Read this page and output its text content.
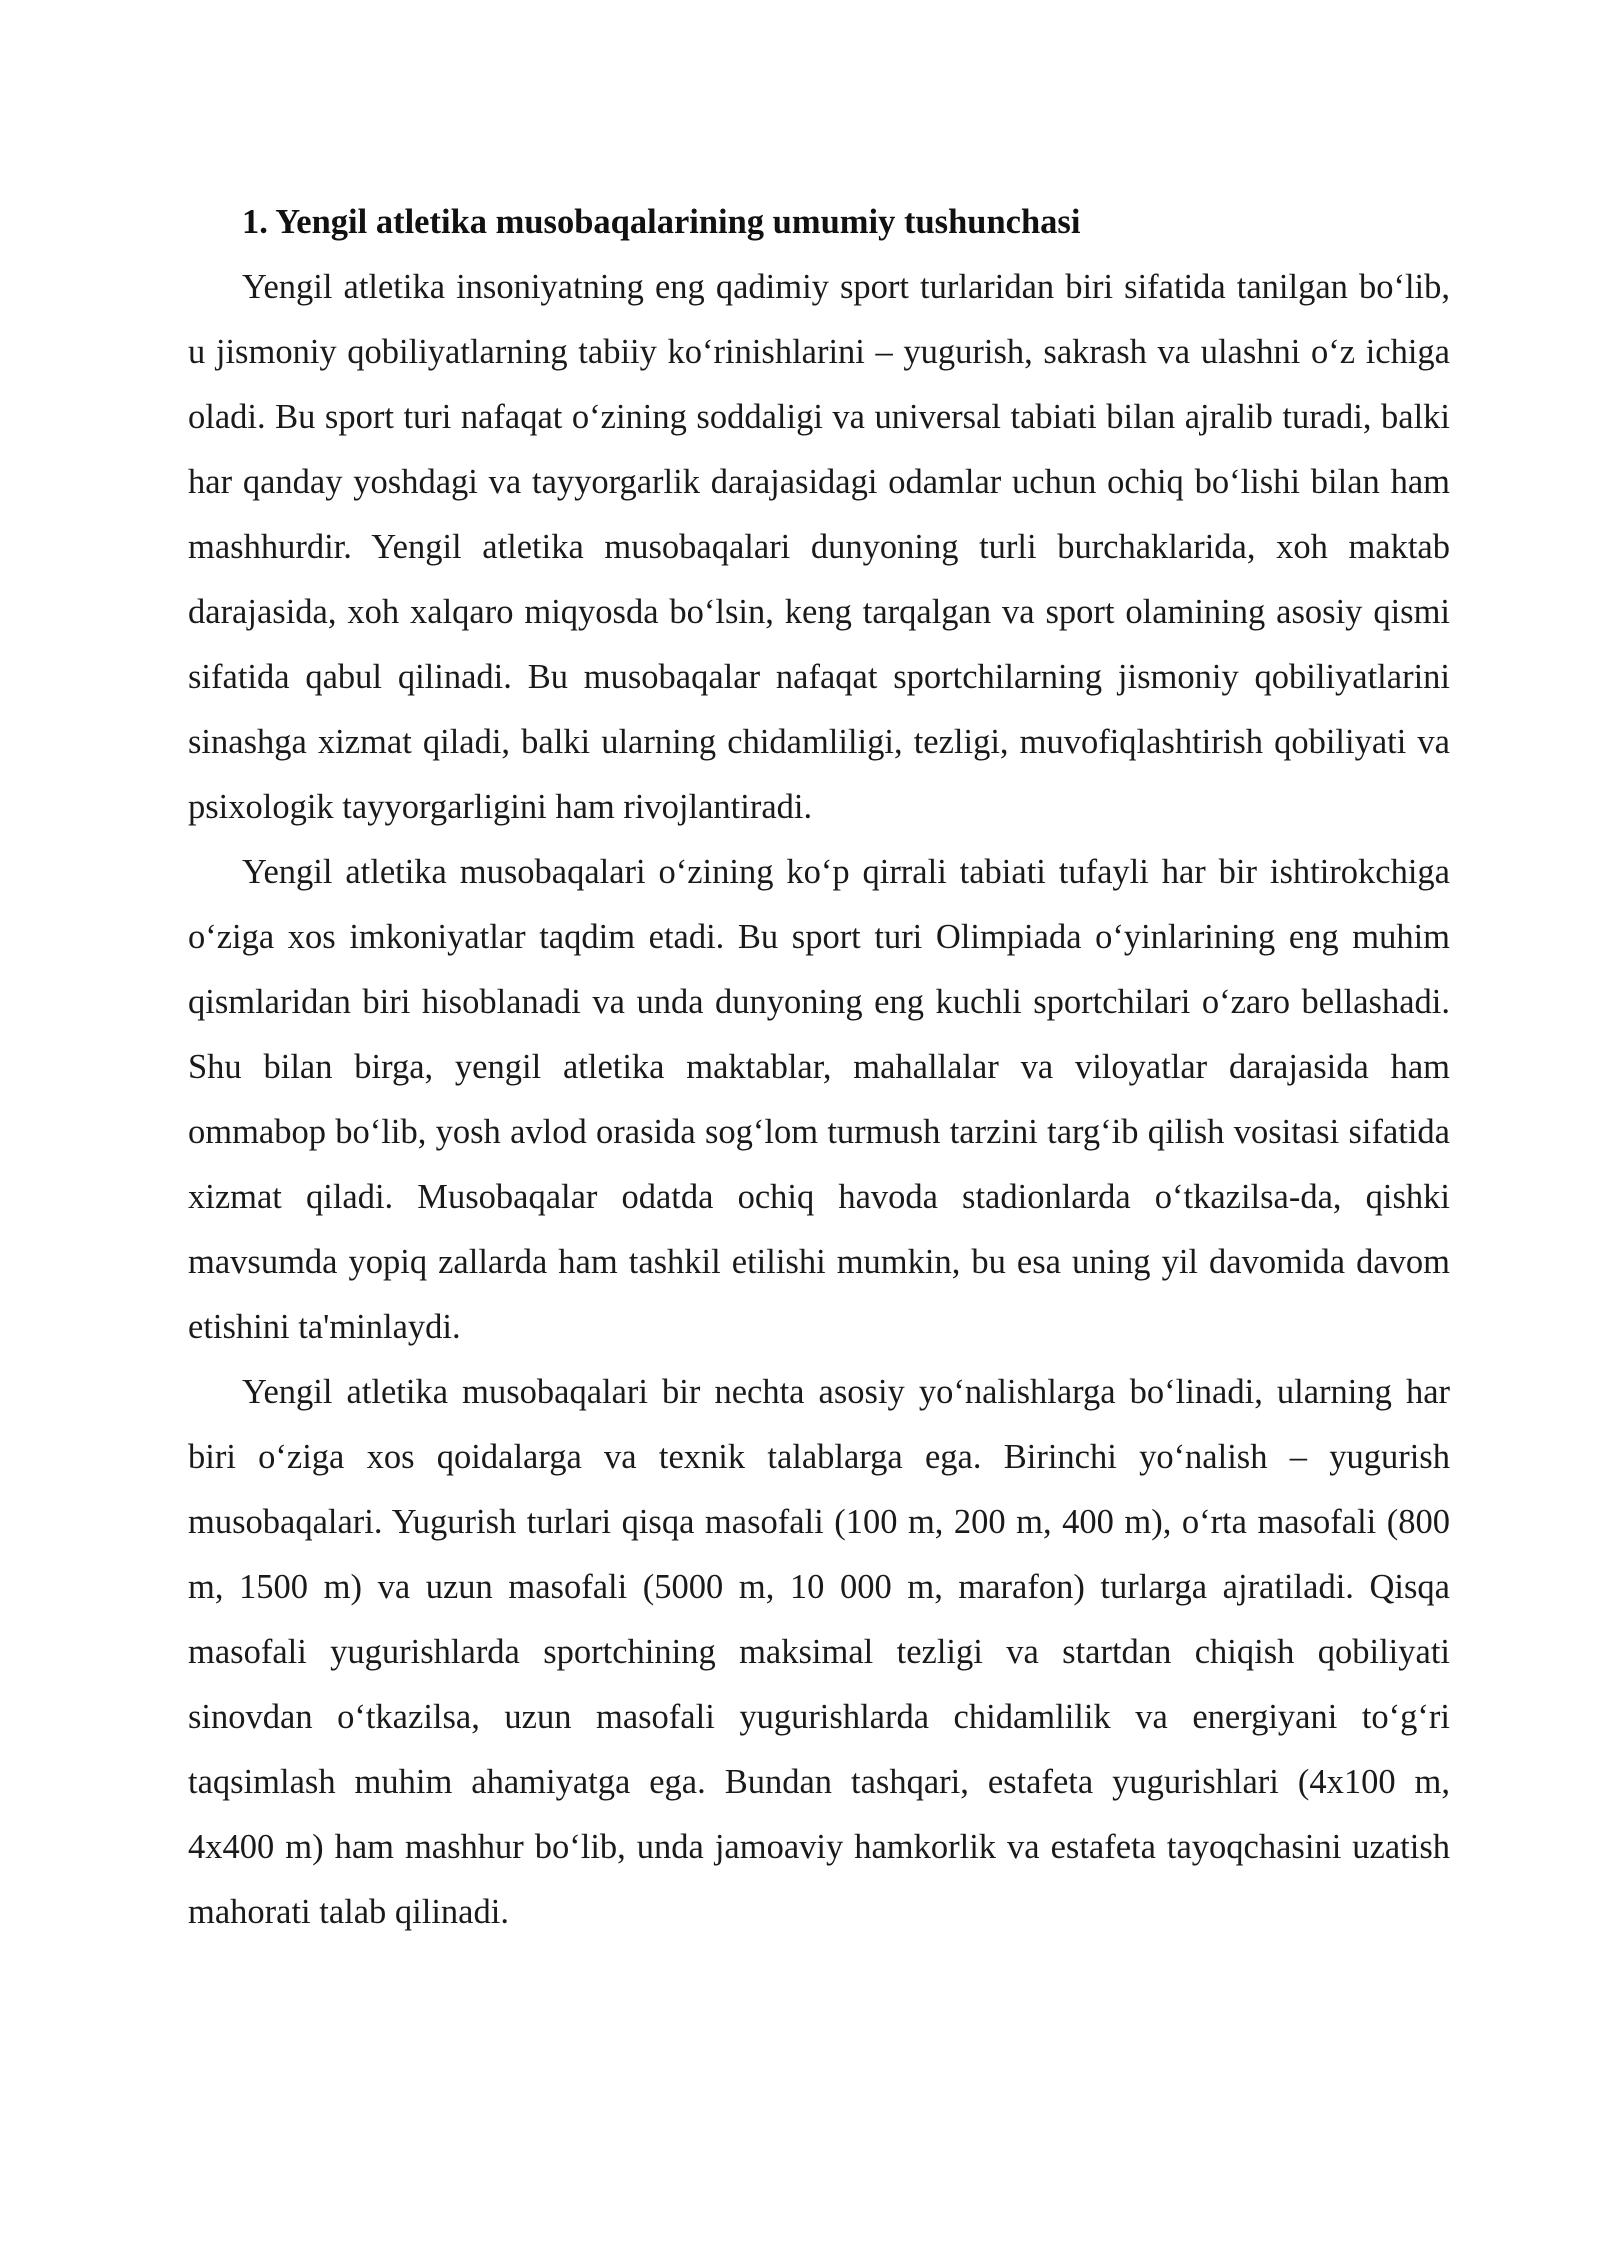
1. Yengil atletika musobaqalarining umumiy tushunchasi

Yengil atletika insoniyatning eng qadimiy sport turlaridan biri sifatida tanilgan bo‘lib, u jismoniy qobiliyatlarning tabiiy ko‘rinishlarini – yugurish, sakrash va ulashni o‘z ichiga oladi. Bu sport turi nafaqat o‘zining soddaligi va universal tabiati bilan ajralib turadi, balki har qanday yoshdagi va tayyorgarlik darajasidagi odamlar uchun ochiq bo‘lishi bilan ham mashhurdir. Yengil atletika musobaqalari dunyoning turli burchaklarida, xoh maktab darajasida, xoh xalqaro miqyosda bo‘lsin, keng tarqalgan va sport olamining asosiy qismi sifatida qabul qilinadi. Bu musobaqalar nafaqat sportchilarning jismoniy qobiliyatlarini sinashga xizmat qiladi, balki ularning chidamliligi, tezligi, muvofiqlashtirish qobiliyati va psixologik tayyorgarligini ham rivojlantiradi.

Yengil atletika musobaqalari o‘zining ko‘p qirrali tabiati tufayli har bir ishtirokchiga o‘ziga xos imkoniyatlar taqdim etadi. Bu sport turi Olimpiada o‘yinlarining eng muhim qismlaridan biri hisoblanadi va unda dunyoning eng kuchli sportchilari o‘zaro bellashadi. Shu bilan birga, yengil atletika maktablar, mahallalar va viloyatlar darajasida ham ommabop bo‘lib, yosh avlod orasida sog‘lom turmush tarzini targ‘ib qilish vositasi sifatida xizmat qiladi. Musobaqalar odatda ochiq havoda stadionlarda o‘tkazilsa-da, qishki mavsumda yopiq zallarda ham tashkil etilishi mumkin, bu esa uning yil davomida davom etishini ta'minlaydi.

Yengil atletika musobaqalari bir nechta asosiy yo‘nalishlarga bo‘linadi, ularning har biri o‘ziga xos qoidalarga va texnik talablarga ega. Birinchi yo‘nalish – yugurish musobaqalari. Yugurish turlari qisqa masofali (100 m, 200 m, 400 m), o‘rta masofali (800 m, 1500 m) va uzun masofali (5000 m, 10 000 m, marafon) turlarga ajratiladi. Qisqa masofali yugurishlarda sportchining maksimal tezligi va startdan chiqish qobiliyati sinovdan o‘tkazilsa, uzun masofali yugurishlarda chidamlilik va energiyani to‘g‘ri taqsimlash muhim ahamiyatga ega. Bundan tashqari, estafeta yugurishlari (4x100 m, 4x400 m) ham mashhur bo‘lib, unda jamoaviy hamkorlik va estafeta tayoqchasini uzatish mahorati talab qilinadi.
